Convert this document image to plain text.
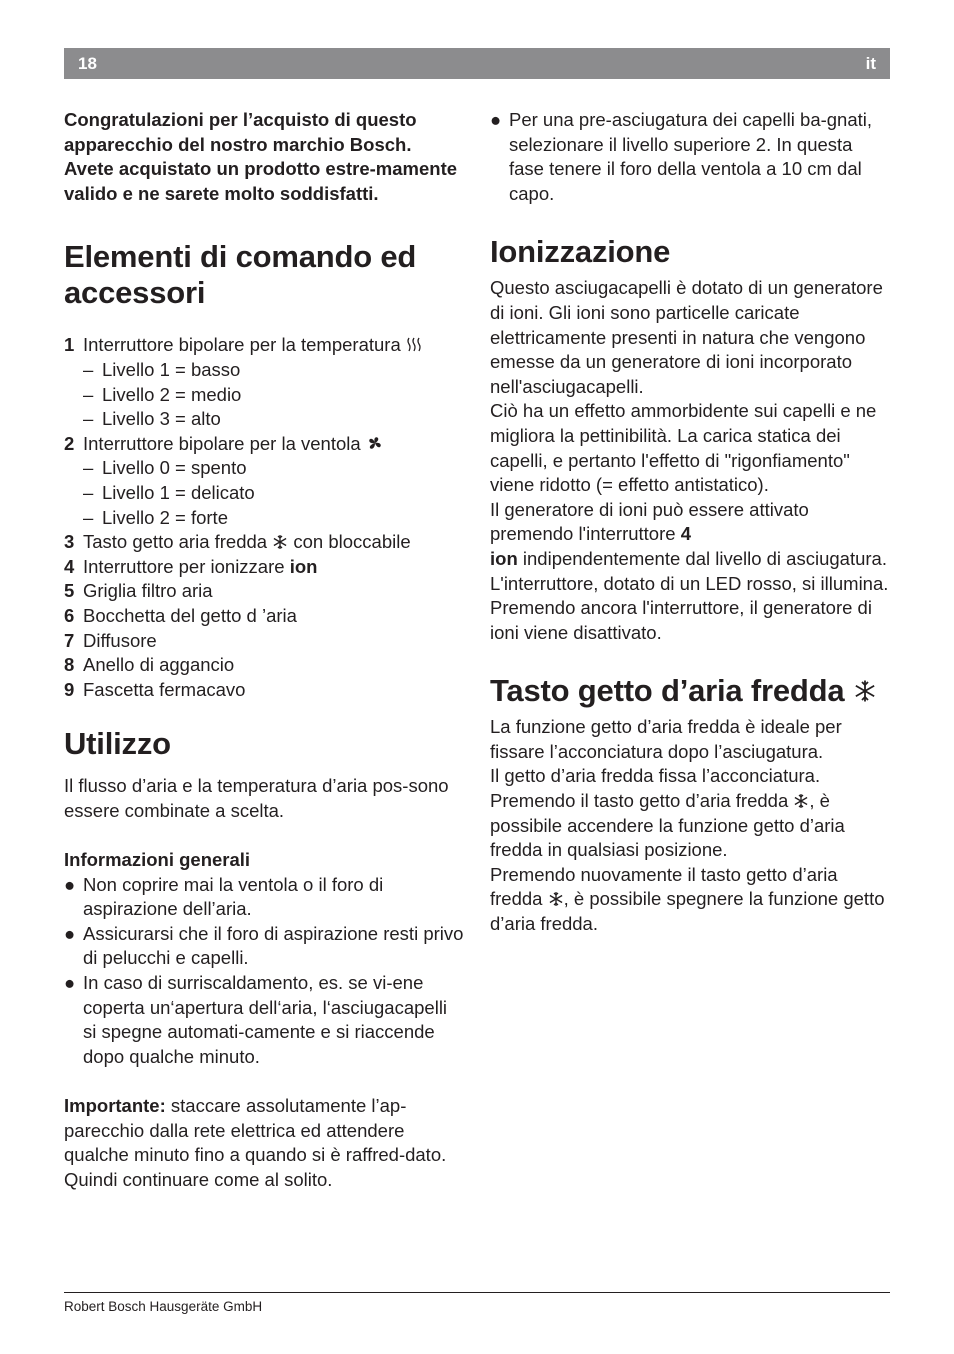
18	it

Congratulazioni per l’acquisto di questo apparecchio del nostro marchio Bosch. Avete acquistato un prodotto estre-mamente valido e ne sarete molto soddisfatti.

Elementi di comando ed accessori
1 Interruttore bipolare per la temperatura
– Livello 1 = basso
– Livello 2 = medio
– Livello 3 = alto
2 Interruttore bipolare per la ventola
– Livello 0 = spento
– Livello 1 = delicato
– Livello 2 = forte
3 Tasto getto aria fredda con bloccabile
4 Interruttore per ionizzare ion
5 Griglia filtro aria
6 Bocchetta del getto d ’aria
7 Diffusore
8 Anello di aggancio
9 Fascetta fermacavo
Utilizzo

Il flusso d’aria e la temperatura d’aria pos-sono essere combinate a scelta.

Informazioni generali

● Non coprire mai la ventola o il foro di aspirazione dell’aria.
● Assicurarsi che il foro di aspirazione resti privo di pelucchi e capelli.
● In caso di surriscaldamento, es. se vi-ene coperta un‘apertura dell‘aria, l‘asciugacapelli si spegne automati-camente e si riaccende dopo qualche minuto.

Importante: staccare assolutamente l’ap-parecchio dalla rete elettrica ed attendere qualche minuto fino a quando si è raffred-dato. Quindi continuare come al solito.

● Per una pre-asciugatura dei capelli ba-gnati, selezionare il livello superiore 2. In questa fase tenere il foro della ventola a 10 cm dal capo.
Ionizzazione

Questo asciugacapelli è dotato di un generatore di ioni. Gli ioni sono particelle caricate elettricamente presenti in natura che vengono emesse da un generatore di ioni incorporato nell'asciugacapelli.

Ciò ha un effetto ammorbidente sui capelli e ne migliora la pettinibilità. La carica statica dei capelli, e pertanto l'effetto di "rigonfiamento" viene ridotto (= effetto antistatico).

Il generatore di ioni può essere attivato premendo l'interruttore 4
ion indipendentemente dal livello di asciugatura. L'interruttore, dotato di un LED rosso, si illumina. Premendo ancora l'interruttore, il generatore di ioni viene disattivato.

Tasto getto d’aria fredda

La funzione getto d’aria fredda è ideale per fissare l’acconciatura dopo l’asciugatura.

Il getto d’aria fredda fissa l’acconciatura.

Premendo il tasto getto d’aria fredda , è possibile accendere la funzione getto d’aria fredda in qualsiasi posizione.

Premendo nuovamente il tasto getto d’aria fredda , è possibile spegnere la funzione getto d’aria fredda.

Robert Bosch Hausgeräte GmbH
